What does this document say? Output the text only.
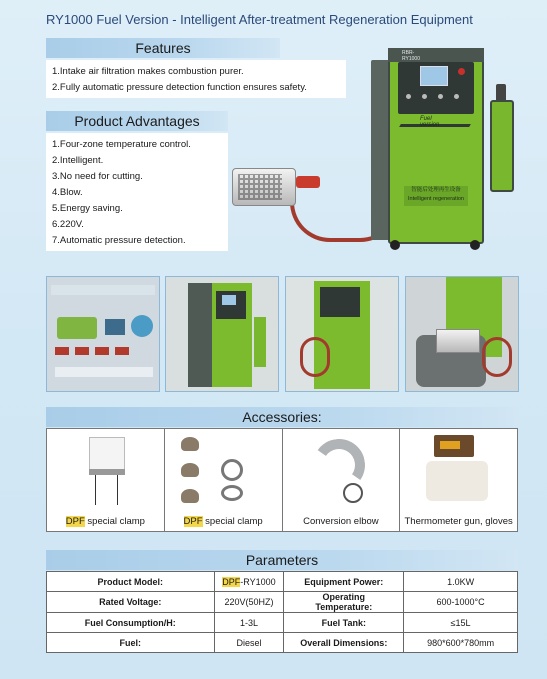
RY1000 Fuel Version - Intelligent After-treatment Regeneration Equipment
Features
1.Intake air filtration makes combustion purer.
2.Fully automatic pressure detection function ensures safety.
Product Advantages
1.Four-zone temperature control.
2.Intelligent.
3.No need for cutting.
4.Blow.
5.Energy saving.
6.220V.
7.Automatic pressure detection.
RBR-RY1000
Fuel version
智能后处理再生设备
Intelligent regeneration
Accessories:
DPF special clamp	DPF special clamp	Conversion elbow	Thermometer gun, gloves
Parameters
Product Model:	DPF-RY1000	Equipment Power:	1.0KW
Rated Voltage:	220V(50HZ)	Operating Temperature:	600-1000°C
Fuel Consumption/H:	1-3L	Fuel Tank:	≤15L
Fuel:	Diesel	Overall Dimensions:	980*600*780mm
